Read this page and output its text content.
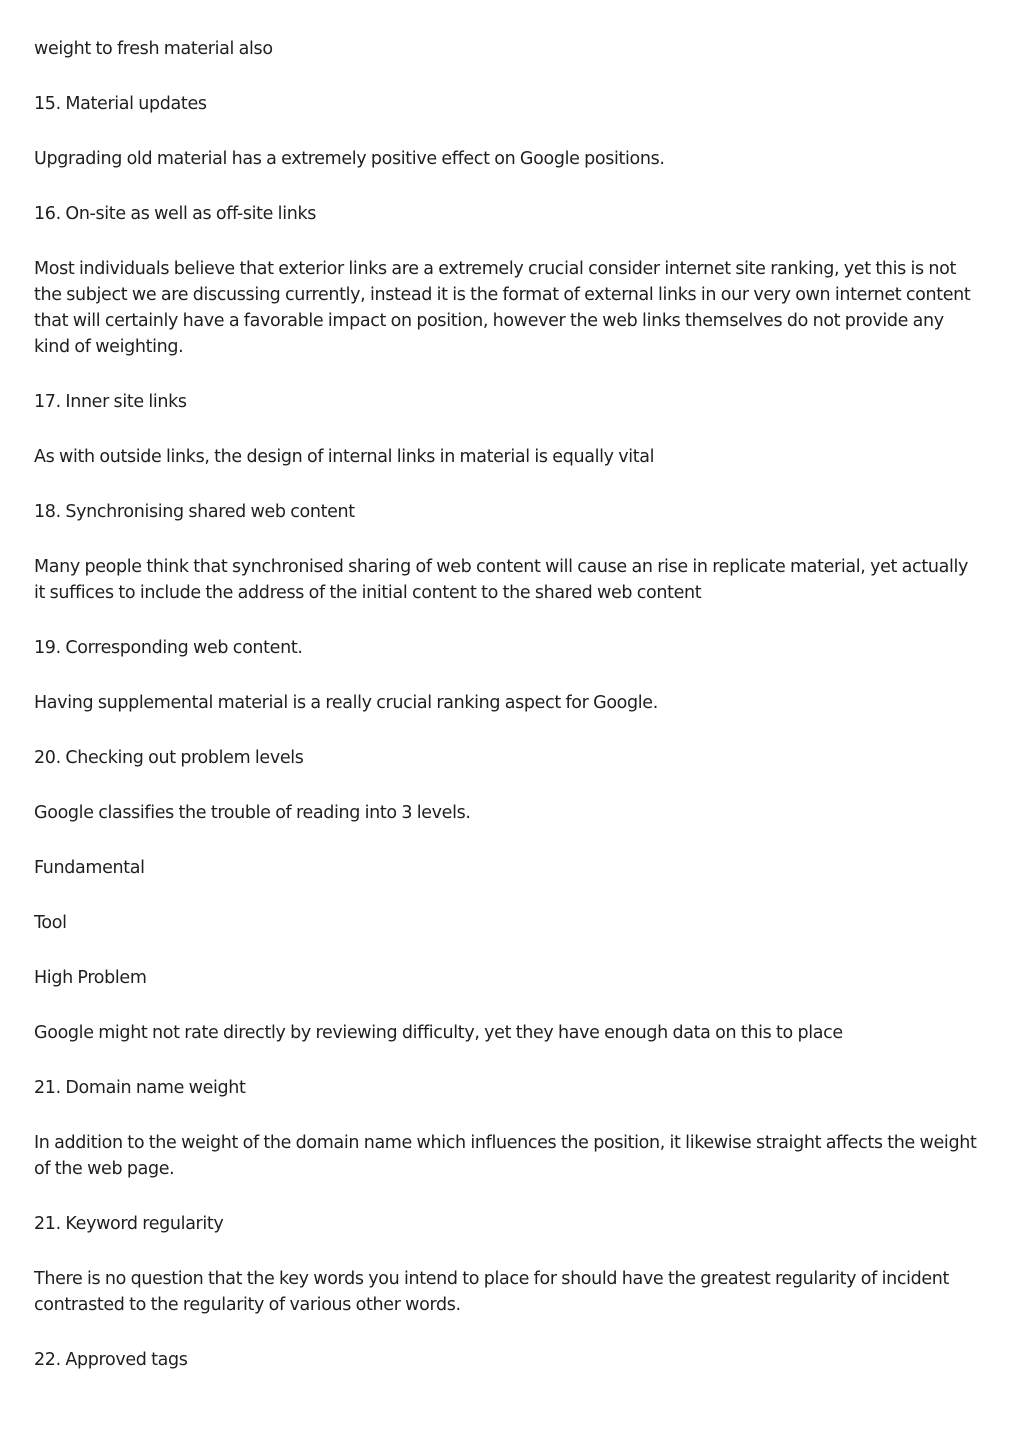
weight to fresh material also

15. Material updates

Upgrading old material has a extremely positive effect on Google positions.

16. On-site as well as off-site links

Most individuals believe that exterior links are a extremely crucial consider internet site ranking, yet this is not the subject we are discussing currently, instead it is the format of external links in our very own internet content that will certainly have a favorable impact on position, however the web links themselves do not provide any kind of weighting.

17. Inner site links

As with outside links, the design of internal links in material is equally vital

18. Synchronising shared web content

Many people think that synchronised sharing of web content will cause an rise in replicate material, yet actually it suffices to include the address of the initial content to the shared web content

19. Corresponding web content.

Having supplemental material is a really crucial ranking aspect for Google.

20. Checking out problem levels

Google classifies the trouble of reading into 3 levels.

Fundamental

Tool

High Problem

Google might not rate directly by reviewing difficulty, yet they have enough data on this to place

21. Domain name weight

In addition to the weight of the domain name which influences the position, it likewise straight affects the weight of the web page.

21. Keyword regularity

There is no question that the key words you intend to place for should have the greatest regularity of incident contrasted to the regularity of various other words.

22. Approved tags
